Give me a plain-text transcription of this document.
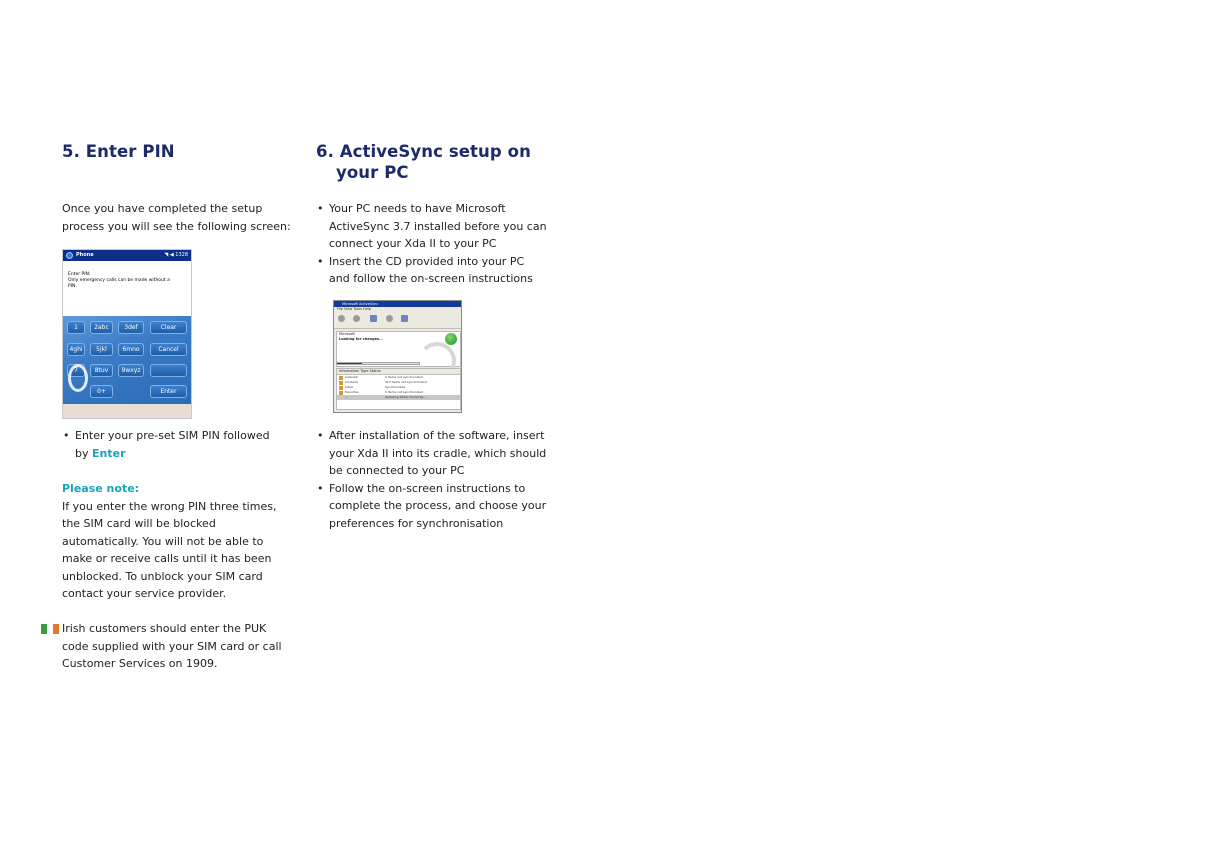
5. Enter PIN

Once you have completed the setup

process you will see the following screen:

Phone	◥ ◀ 1328
Enter PIN:
Only emergency calls can be made without a
PIN.
1	2abc	3def	Clear
4ghi	5jkl	6mno	Cancel
7	8tuv	9wxyz
0+	Enter
• Enter your pre-set SIM PIN followed
by Enter

Please note:

If you enter the wrong PIN three times,

the SIM card will be blocked

automatically. You will not be able to

make or receive calls until it has been

unblocked. To unblock your SIM card

contact your service provider.

Irish customers should enter the PUK

code supplied with your SIM card or call

Customer Services on 1909.

6. ActiveSync setup on
your PC
• Your PC needs to have Microsoft
ActiveSync 3.7 installed before you can
connect your Xda II to your PC
• Insert the CD provided into your PC
and follow the on-screen instructions
Microsoft ActiveSync
File View Tools Help
Microsoft
Looking for changes...
Information Type Status
Calendar	0 Items not synchronized
Contacts	313 Items not synchronized
Inbox	Synchronized
Favorites	0 Items not synchronized
...	Updating folder hierarchy...
• After installation of the software, insert
your Xda II into its cradle, which should
be connected to your PC
• Follow the on-screen instructions to
complete the process, and choose your
preferences for synchronisation
